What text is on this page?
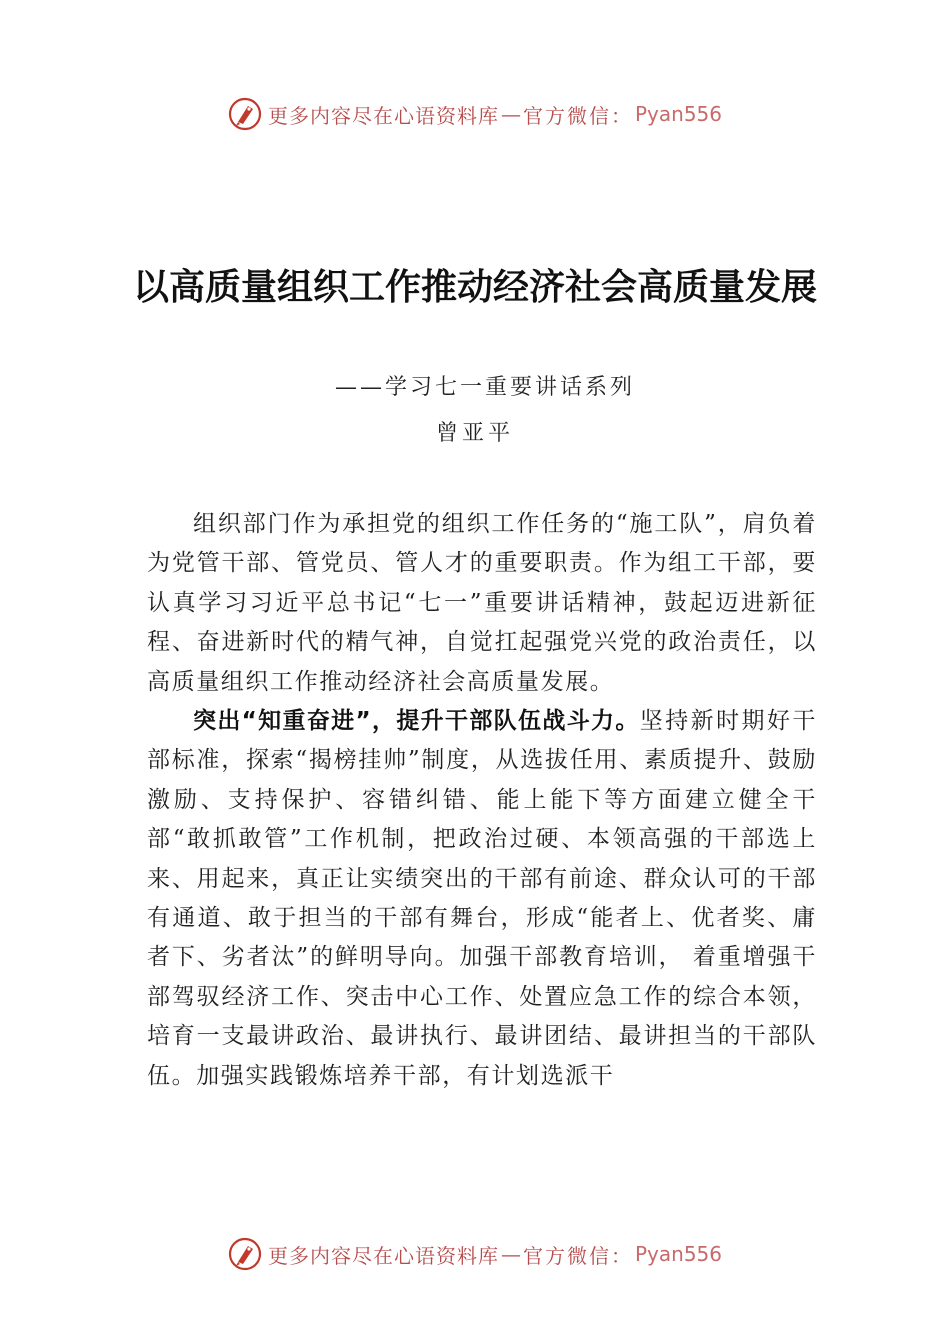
更多内容尽在心语资料库 — 官方微信： Pyan556
以高质量组织工作推动经济社会高质量发展
——学习七一重要讲话系列
曾亚平

组织部门作为承担党的组织工作任务的“施工队”，肩负着为党管干部、管党员、管人才的重要职责。作为组工干部，要认真学习习近平总书记“七一”重要讲话精神，鼓起迈进新征程、奋进新时代的精气神，自觉扛起强党兴党的政治责任，以高质量组织工作推动经济社会高质量发展。

突出“知重奋进”，提升干部队伍战斗力。坚持新时期好干部标准，探索“揭榜挂帅”制度，从选拔任用、素质提升、鼓励激励、支持保护、容错纠错、能上能下等方面建立健全干部“敢抓敢管”工作机制，把政治过硬、本领高强的干部选上来、用起来，真正让实绩突出的干部有前途、群众认可的干部有通道、敢于担当的干部有舞台，形成“能者上、优者奖、庸者下、劣者汰”的鲜明导向。加强干部教育培训， 着重增强干部驾驭经济工作、突击中心工作、处置应急工作的综合本领，培育一支最讲政治、最讲执行、最讲团结、最讲担当的干部队伍。加强实践锻炼培养干部，有计划选派干

更多内容尽在心语资料库 — 官方微信： Pyan556
